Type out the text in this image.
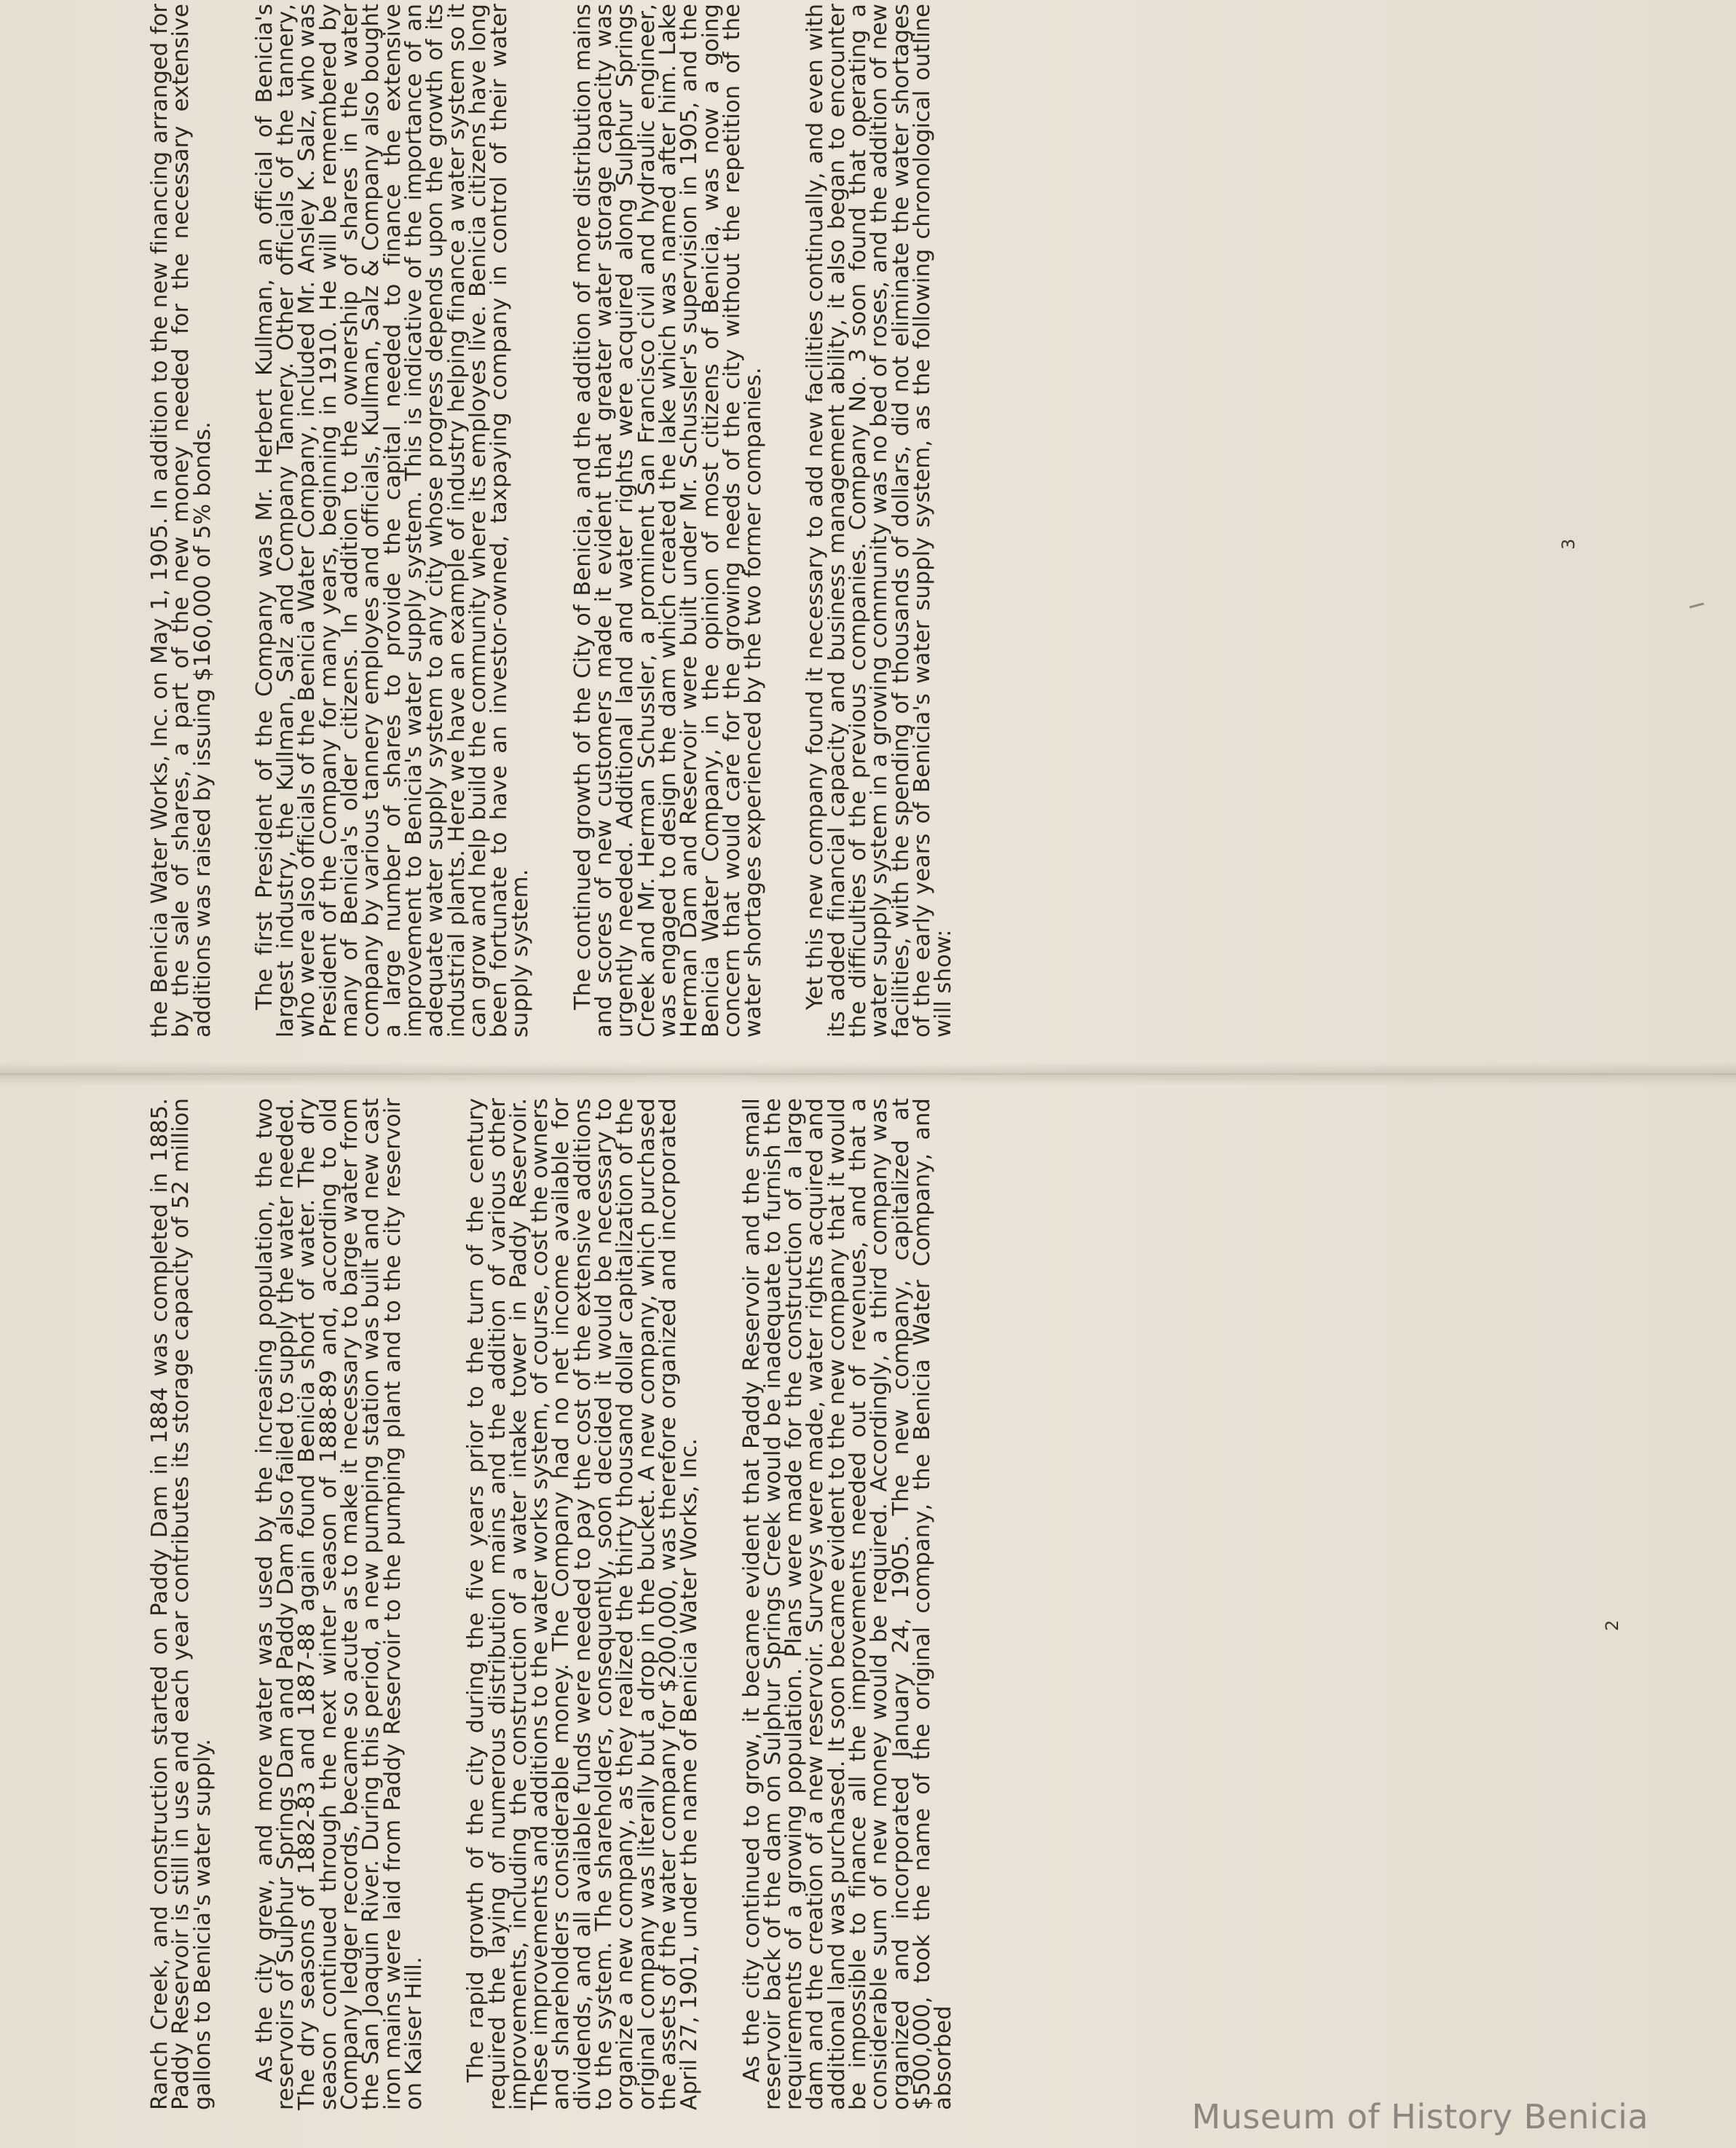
Ranch Creek, and construction started on Paddy Dam in 1884 was completed in 1885. Paddy Reservoir is still in use and each year contributes its storage capacity of 52 million gallons to Benicia's water supply. As the city grew, and more water was used by the increasing population, the two reservoirs of Sulphur Springs Dam and Paddy Dam also failed to supply the water needed. The dry seasons of 1882-83 and 1887-88 again found Benicia short of water. The dry season continued through the next winter season of 1888-89 and, according to old Company ledger records, became so acute as to make it necessary to barge water from the San Joaquin River. During this period, a new pumping station was built and new cast iron mains were laid from Paddy Reservoir to the pumping plant and to the city reservoir on Kaiser Hill. The rapid growth of the city during the five years prior to the turn of the century required the laying of numerous distribution mains and the addition of various other improvements, including the construction of a water intake tower in Paddy Reservoir. These improvements and additions to the water works system, of course, cost the owners and shareholders considerable money. The Company had no net income available for dividends, and all available funds were needed to pay the cost of the extensive additions to the system. The shareholders, consequently, soon decided it would be necessary to organize a new company, as they realized the thirty thousand dollar capitalization of the original company was literally but a drop in the bucket. A new company, which purchased the assets of the water company for $200,000, was therefore organized and incorporated April 27, 1901, under the name of Benicia Water Works, Inc. As the city continued to grow, it became evident that Paddy Reservoir and the small reservoir back of the dam on Sulphur Springs Creek would be inadequate to furnish the requirements of a growing population. Plans were made for the construction of a large dam and the creation of a new reservoir. Surveys were made, water rights acquired and additional land was purchased. It soon became evident to the new company that it would be impossible to finance all the improvements needed out of revenues, and that a considerable sum of new money would be required. Accordingly, a third company was organized and incorporated January 24, 1905. The new company, capitalized at $500,000, took the name of the original company, the Benicia Water Company, and absorbed

2

the Benicia Water Works, Inc. on May 1, 1905. In addition to the new financing arranged for by the sale of shares, a part of the new money needed for the necessary extensive additions was raised by issuing $160,000 of 5% bonds. The first President of the Company was Mr. Herbert Kullman, an official of Benicia's largest industry, the Kullman, Salz and Company Tannery. Other officials of the tannery, who were also officials of the Benicia Water Company, included Mr. Ansley K. Salz, who was President of the Company for many years, beginning in 1910. He will be remembered by many of Benicia's older citizens. In addition to the ownership of shares in the water company by various tannery employes and officials, Kullman, Salz & Company also bought a large number of shares to provide the capital needed to finance the extensive improvement to Benicia's water supply system. This is indicative of the importance of an adequate water supply system to any city whose progress depends upon the growth of its industrial plants. Here we have an example of industry helping finance a water system so it can grow and help build the community where its employes live. Benicia citizens have long been fortunate to have an investor-owned, taxpaying company in control of their water supply system. The continued growth of the City of Benicia, and the addition of more distribution mains and scores of new customers made it evident that greater water storage capacity was urgently needed. Additional land and water rights were acquired along Sulphur Springs Creek and Mr. Herman Schussler, a prominent San Francisco civil and hydraulic engineer, was engaged to design the dam which created the lake which was named after him. Lake Herman Dam and Reservoir were built under Mr. Schussler's supervision in 1905, and the Benicia Water Company, in the opinion of most citizens of Benicia, was now a going concern that would care for the growing needs of the city without the repetition of the water shortages experienced by the two former companies. Yet this new company found it necessary to add new facilities continually, and even with its added financial capacity and business management ability, it also began to encounter the difficulties of the previous companies. Company No. 3 soon found that operating a water supply system in a growing community was no bed of roses, and the addition of new facilities, with the spending of thousands of dollars, did not eliminate the water shortages of the early years of Benicia's water supply system, as the following chronological outline will show:

3
Museum of History Benicia
